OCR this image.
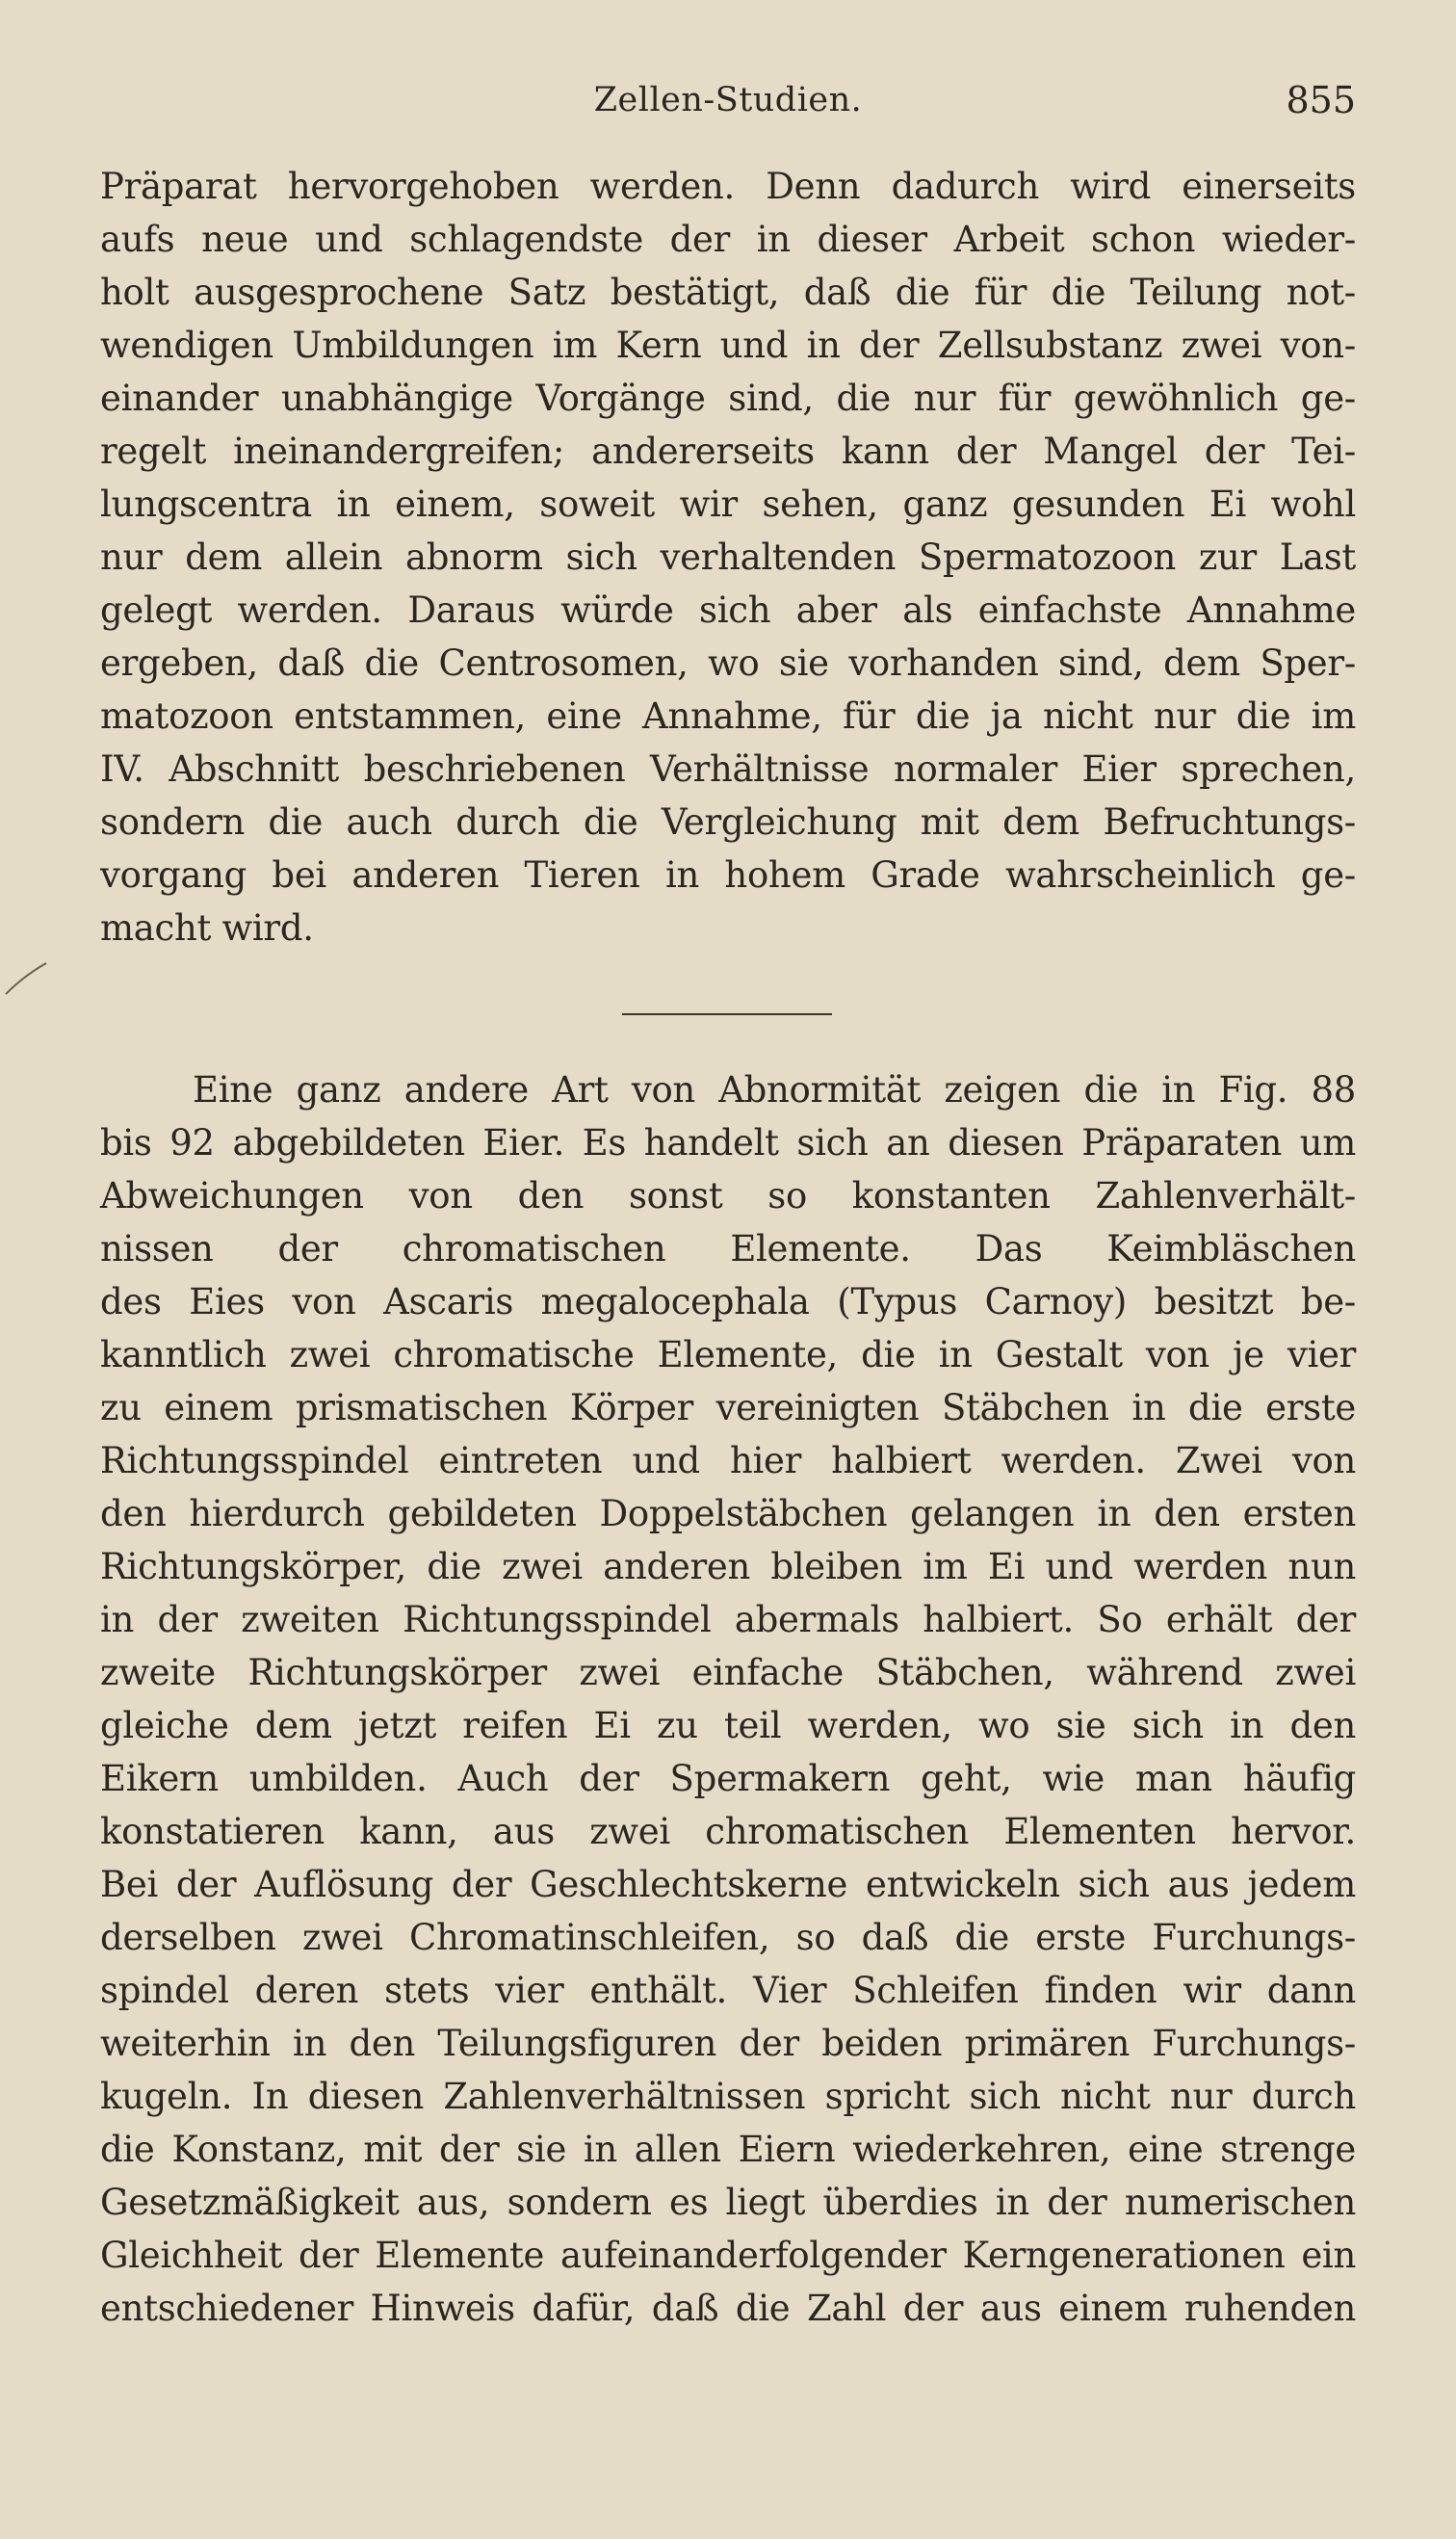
Zellen-Studien.	855
Präparat hervorgehoben werden. Denn dadurch wird einerseits
aufs neue und schlagendste der in dieser Arbeit schon wieder-
holt ausgesprochene Satz bestätigt, daß die für die Teilung not-
wendigen Umbildungen im Kern und in der Zellsubstanz zwei von-
einander unabhängige Vorgänge sind, die nur für gewöhnlich ge-
regelt ineinandergreifen; andererseits kann der Mangel der Tei-
lungscentra in einem, soweit wir sehen, ganz gesunden Ei wohl
nur dem allein abnorm sich verhaltenden Spermatozoon zur Last
gelegt werden. Daraus würde sich aber als einfachste Annahme
ergeben, daß die Centrosomen, wo sie vorhanden sind, dem Sper-
matozoon entstammen, eine Annahme, für die ja nicht nur die im
IV. Abschnitt beschriebenen Verhältnisse normaler Eier sprechen,
sondern die auch durch die Vergleichung mit dem Befruchtungs-
vorgang bei anderen Tieren in hohem Grade wahrscheinlich ge-
macht wird.
Eine ganz andere Art von Abnormität zeigen die in Fig. 88
bis 92 abgebildeten Eier. Es handelt sich an diesen Präparaten um
Abweichungen von den sonst so konstanten Zahlenverhält-
nissen der chromatischen Elemente. Das Keimbläschen
des Eies von Ascaris megalocephala (Typus Carnoy) besitzt be-
kanntlich zwei chromatische Elemente, die in Gestalt von je vier
zu einem prismatischen Körper vereinigten Stäbchen in die erste
Richtungsspindel eintreten und hier halbiert werden. Zwei von
den hierdurch gebildeten Doppelstäbchen gelangen in den ersten
Richtungskörper, die zwei anderen bleiben im Ei und werden nun
in der zweiten Richtungsspindel abermals halbiert. So erhält der
zweite Richtungskörper zwei einfache Stäbchen, während zwei
gleiche dem jetzt reifen Ei zu teil werden, wo sie sich in den
Eikern umbilden. Auch der Spermakern geht, wie man häufig
konstatieren kann, aus zwei chromatischen Elementen hervor.
Bei der Auflösung der Geschlechtskerne entwickeln sich aus jedem
derselben zwei Chromatinschleifen, so daß die erste Furchungs-
spindel deren stets vier enthält. Vier Schleifen finden wir dann
weiterhin in den Teilungsfiguren der beiden primären Furchungs-
kugeln. In diesen Zahlenverhältnissen spricht sich nicht nur durch
die Konstanz, mit der sie in allen Eiern wiederkehren, eine strenge
Gesetzmäßigkeit aus, sondern es liegt überdies in der numerischen
Gleichheit der Elemente aufeinanderfolgender Kerngenerationen ein
entschiedener Hinweis dafür, daß die Zahl der aus einem ruhenden
